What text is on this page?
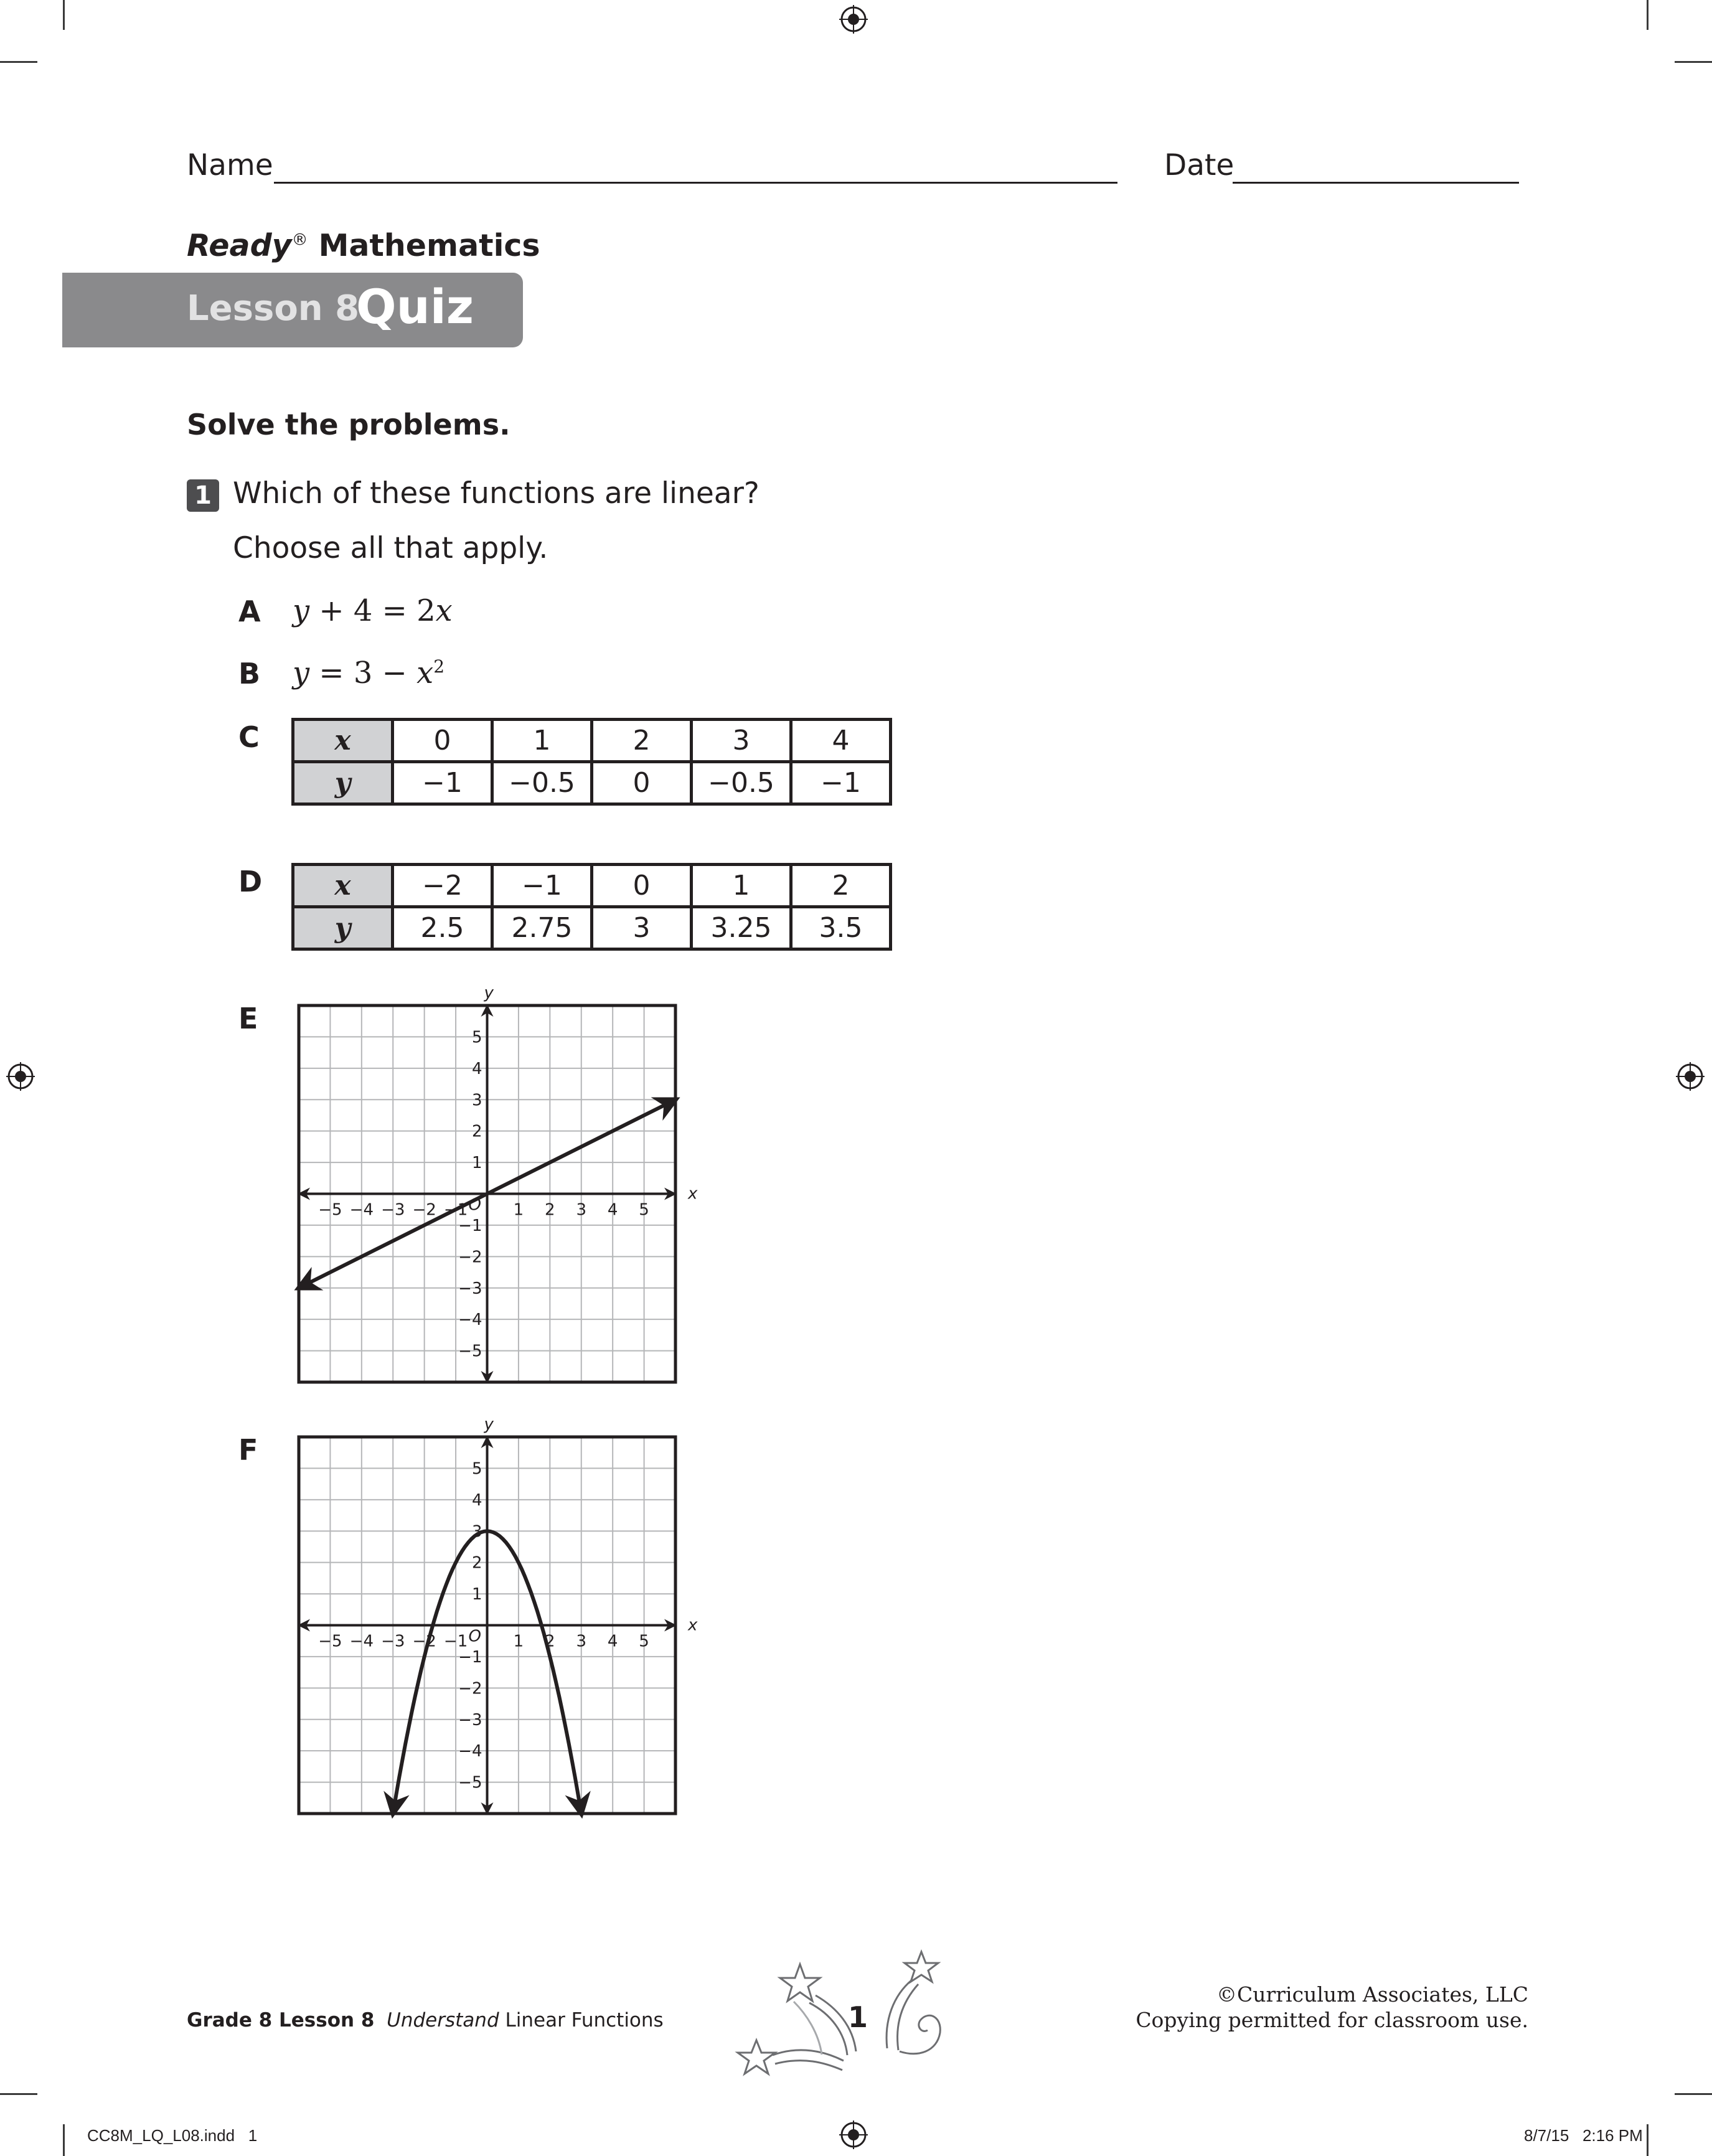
Name	Date
Ready® Mathematics
Lesson 8
Quiz
Solve the problems.
1 Which of these functions are linear?
Choose all that apply.
A y + 4 = 2x
B $y = 3 - x^2$
C	x	0	1	2	3	4
y	−1	−0.5	0	−0.5	−1
D	x	−2	−1	0	1	2
y	2.5	2.75	3	3.25	3.5
E
x
y
O
−5 −4 −3 −2 −1	1 2 3 4 5
5
4
3
2
1
−1
−2
−3
−4
−5
F
x
y
O
−5 −4 −3 −2 −1	1 2 3 4 5
5
4
3
2
1
−1
−2
−3
−4
−5
Grade 8 Lesson 8 Understand Linear Functions	1
©Curriculum Associates, LLC
Copying permitted for classroom use.
CC8M_LQ_L08.indd   1	8/7/15   2:16 PM
